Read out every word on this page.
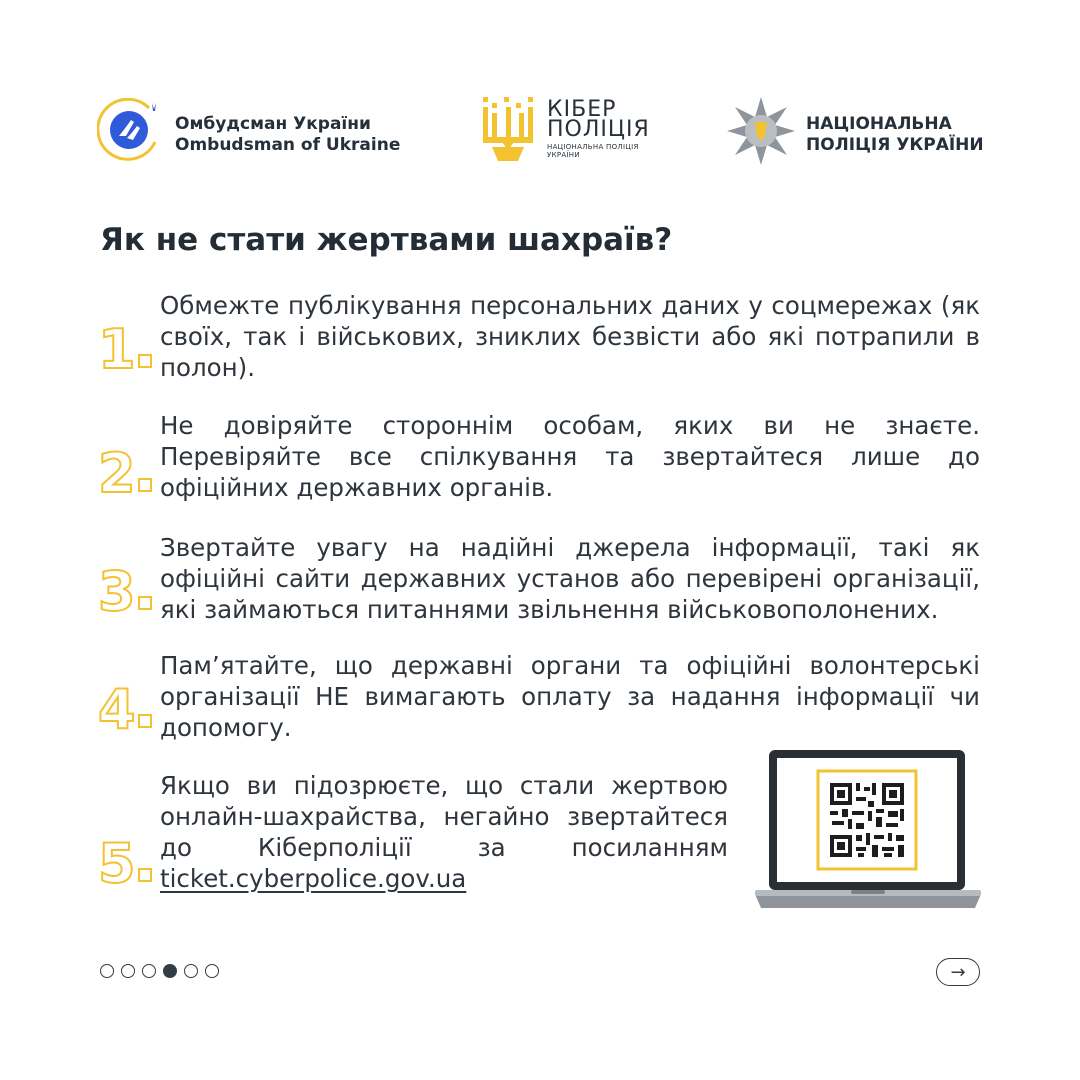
Омбудсман України
Ombudsman of Ukraine
КІБЕР
ПОЛІЦІЯ
НАЦІОНАЛЬНА ПОЛІЦІЯ
УКРАЇНИ
НАЦІОНАЛЬНА
ПОЛІЦІЯ УКРАЇНИ
Як не стати жертвами шахраїв?
1
Обмежте публікування персональних даних у соцмережах (як своїх, так і військових, зниклих безвісти або які потрапили в полон).
2
Не довіряйте стороннім особам, яких ви не знаєте. Перевіряйте все спілкування та звертайтеся лише до офіційних державних органів.
3
Звертайте увагу на надійні джерела інформації, такі як офіційні сайти державних установ або перевірені організації, які займаються питаннями звільнення військовополонених.
4
Пам’ятайте, що державні органи та офіційні волонтерські організації НЕ вимагають оплату за надання інформації чи допомогу.
5
Якщо ви підозрюєте, що стали жертвою онлайн-шахрайства, негайно звертайтеся до Кіберполіції за посиланням ticket.cyberpolice.gov.ua
→
